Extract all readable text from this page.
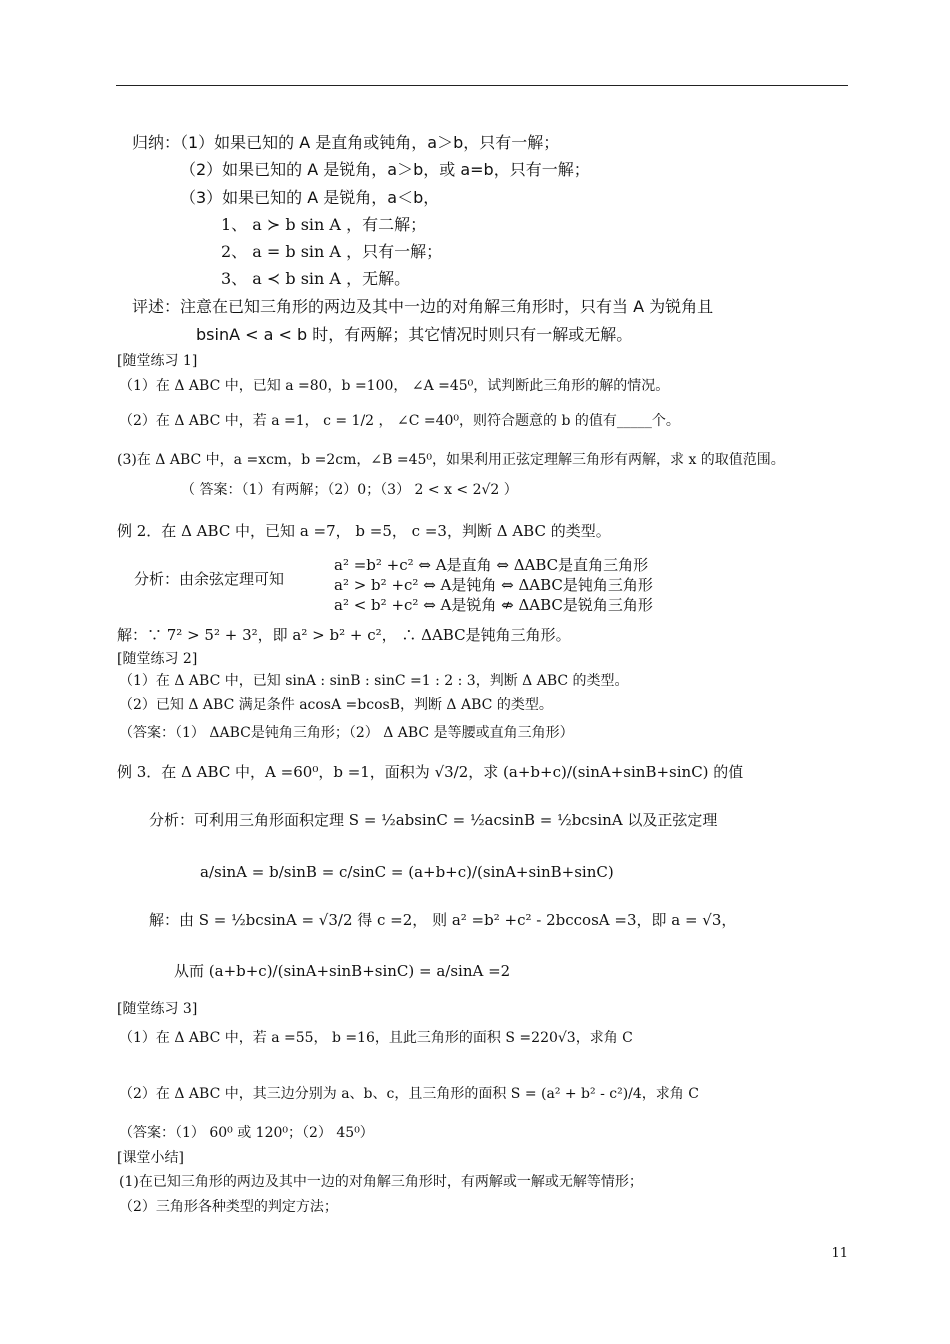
归纳：（1）如果已知的 A 是直角或钝角，a＞b，只有一解；
（2）如果已知的 A 是锐角，a＞b，或 a=b，只有一解；
（3）如果已知的 A 是锐角，a＜b，
1、 a ≻ b sin A ，有二解；
2、 a = b sin A ，只有一解；
3、 a ≺ b sin A ，无解。
评述：注意在已知三角形的两边及其中一边的对角解三角形时，只有当 A 为锐角且
bsinA < a < b 时，有两解；其它情况时则只有一解或无解。
[随堂练习 1]
（1）在 Δ ABC 中，已知 a =80，b =100， ∠A =45⁰，试判断此三角形的解的情况。
（2）在 Δ ABC 中，若 a =1， c = 1/2 ， ∠C =40⁰，则符合题意的 b 的值有_____个。
(3)在 Δ ABC 中，a =xcm，b =2cm，∠B =45⁰，如果利用正弦定理解三角形有两解，求 x 的取值范围。
（ 答案：（1）有两解；（2）0；（3） 2 < x < 2√2 ）
例 2．在 Δ ABC 中，已知 a =7， b =5， c =3，判断 Δ ABC 的类型。
分析：由余弦定理可知
a² =b² +c² ⇔ A是直角 ⇔ ΔABC是直角三角形
a² > b² +c² ⇔ A是钝角 ⇔ ΔABC是钝角三角形
a² < b² +c² ⇔ A是锐角 ⇎ ΔABC是锐角三角形
解：∵ 7² > 5² + 3²，即 a² > b² + c²， ∴ ΔABC是钝角三角形。
[随堂练习 2]
（1）在 Δ ABC 中，已知 sinA : sinB : sinC =1 : 2 : 3，判断 Δ ABC 的类型。
（2）已知 Δ ABC 满足条件 acosA =bcosB，判断 Δ ABC 的类型。
（答案：（1） ΔABC是钝角三角形；（2） Δ ABC 是等腰或直角三角形）
例 3．在 Δ ABC 中，A =60⁰，b =1，面积为 √3/2，求 (a+b+c)/(sinA+sinB+sinC) 的值
分析：可利用三角形面积定理 S = ½absinC = ½acsinB = ½bcsinA 以及正弦定理
a/sinA = b/sinB = c/sinC = (a+b+c)/(sinA+sinB+sinC)
解：由 S = ½bcsinA = √3/2 得 c =2， 则 a² =b² +c² - 2bccosA =3，即 a = √3，
从而 (a+b+c)/(sinA+sinB+sinC) = a/sinA =2
[随堂练习 3]
（1）在 Δ ABC 中，若 a =55， b =16，且此三角形的面积 S =220√3，求角 C
（2）在 Δ ABC 中，其三边分别为 a、b、c，且三角形的面积 S = (a² + b² - c²)/4，求角 C
（答案：（1） 60⁰ 或 120⁰；（2） 45⁰）
[课堂小结]
(1)在已知三角形的两边及其中一边的对角解三角形时，有两解或一解或无解等情形；
（2）三角形各种类型的判定方法；
11
